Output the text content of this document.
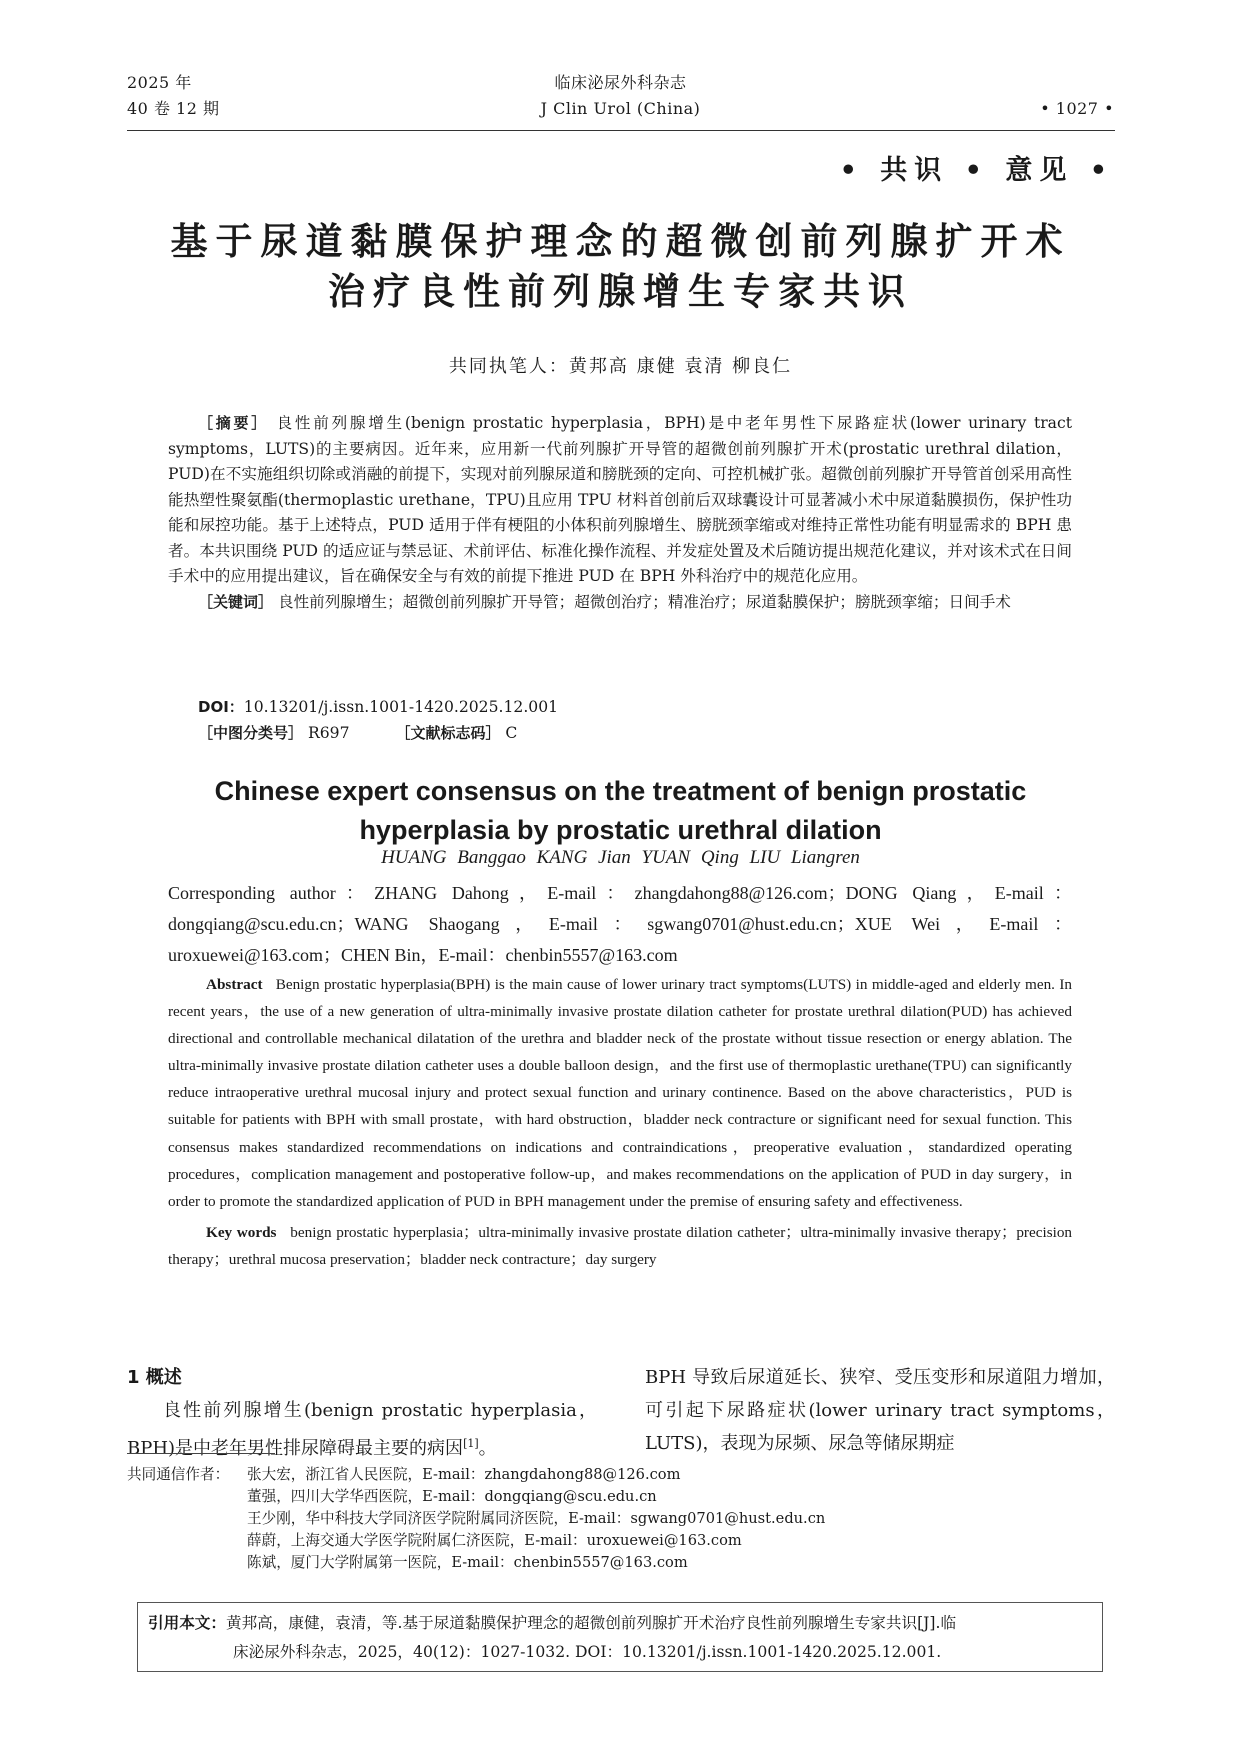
2025 年
40 卷 12 期
临床泌尿外科杂志
J Clin Urol (China)	• 1027 •
• 共识 • 意见 •
基于尿道黏膜保护理念的超微创前列腺扩开术
治疗良性前列腺增生专家共识
共同执笔人：黄邦高 康健 袁清 柳良仁

［摘要］ 良性前列腺增生(benign prostatic hyperplasia，BPH)是中老年男性下尿路症状(lower urinary tract symptoms，LUTS)的主要病因。近年来，应用新一代前列腺扩开导管的超微创前列腺扩开术(prostatic urethral dilation，PUD)在不实施组织切除或消融的前提下，实现对前列腺尿道和膀胱颈的定向、可控机械扩张。超微创前列腺扩开导管首创采用高性能热塑性聚氨酯(thermoplastic urethane，TPU)且应用 TPU 材料首创前后双球囊设计可显著减小术中尿道黏膜损伤，保护性功能和尿控功能。基于上述特点，PUD 适用于伴有梗阻的小体积前列腺增生、膀胱颈挛缩或对维持正常性功能有明显需求的 BPH 患者。本共识围绕 PUD 的适应证与禁忌证、术前评估、标准化操作流程、并发症处置及术后随访提出规范化建议，并对该术式在日间手术中的应用提出建议，旨在确保安全与有效的前提下推进 PUD 在 BPH 外科治疗中的规范化应用。

［关键词］ 良性前列腺增生；超微创前列腺扩开导管；超微创治疗；精准治疗；尿道黏膜保护；膀胱颈挛缩；日间手术

DOI：10.13201/j.issn.1001-1420.2025.12.001
［中图分类号］ R697	［文献标志码］ C
Chinese expert consensus on the treatment of benign prostatic
hyperplasia by prostatic urethral dilation
HUANG Banggao KANG Jian YUAN Qing LIU Liangren
Corresponding author：ZHANG Dahong，E-mail：zhangdahong88@126.com；DONG Qiang，E-mail：dongqiang@scu.edu.cn；WANG Shaogang，E-mail：sgwang0701@hust.edu.cn；XUE Wei，E-mail：uroxuewei@163.com；CHEN Bin，E-mail：chenbin5557@163.com

Abstract Benign prostatic hyperplasia(BPH) is the main cause of lower urinary tract symptoms(LUTS) in middle-aged and elderly men. In recent years，the use of a new generation of ultra-minimally invasive prostate dilation catheter for prostate urethral dilation(PUD) has achieved directional and controllable mechanical dilatation of the urethra and bladder neck of the prostate without tissue resection or energy ablation. The ultra-minimally invasive prostate dilation catheter uses a double balloon design，and the first use of thermoplastic urethane(TPU) can significantly reduce intraoperative urethral mucosal injury and protect sexual function and urinary continence. Based on the above characteristics，PUD is suitable for patients with BPH with small prostate，with hard obstruction，bladder neck contracture or significant need for sexual function. This consensus makes standardized recommendations on indications and contraindications，preoperative evaluation，standardized operating procedures，complication management and postoperative follow-up，and makes recommendations on the application of PUD in day surgery，in order to promote the standardized application of PUD in BPH management under the premise of ensuring safety and effectiveness.

Key words benign prostatic hyperplasia；ultra-minimally invasive prostate dilation catheter；ultra-minimally invasive therapy；precision therapy；urethral mucosa preservation；bladder neck contracture；day surgery

1 概述
良性前列腺增生(benign prostatic hyperplasia，BPH)是中老年男性排尿障碍最主要的病因[1]。
BPH 导致后尿道延长、狭窄、受压变形和尿道阻力增加，可引起下尿路症状(lower urinary tract symptoms，LUTS)，表现为尿频、尿急等储尿期症
共同通信作者： 张大宏，浙江省人民医院，E-mail：zhangdahong88@126.com
董强，四川大学华西医院，E-mail：dongqiang@scu.edu.cn
王少刚，华中科技大学同济医学院附属同济医院，E-mail：sgwang0701@hust.edu.cn
薛蔚，上海交通大学医学院附属仁济医院，E-mail：uroxuewei@163.com
陈斌，厦门大学附属第一医院，E-mail：chenbin5557@163.com
引用本文：黄邦高，康健，袁清，等.基于尿道黏膜保护理念的超微创前列腺扩开术治疗良性前列腺增生专家共识[J].临
床泌尿外科杂志，2025，40(12)：1027-1032. DOI：10.13201/j.issn.1001-1420.2025.12.001.
